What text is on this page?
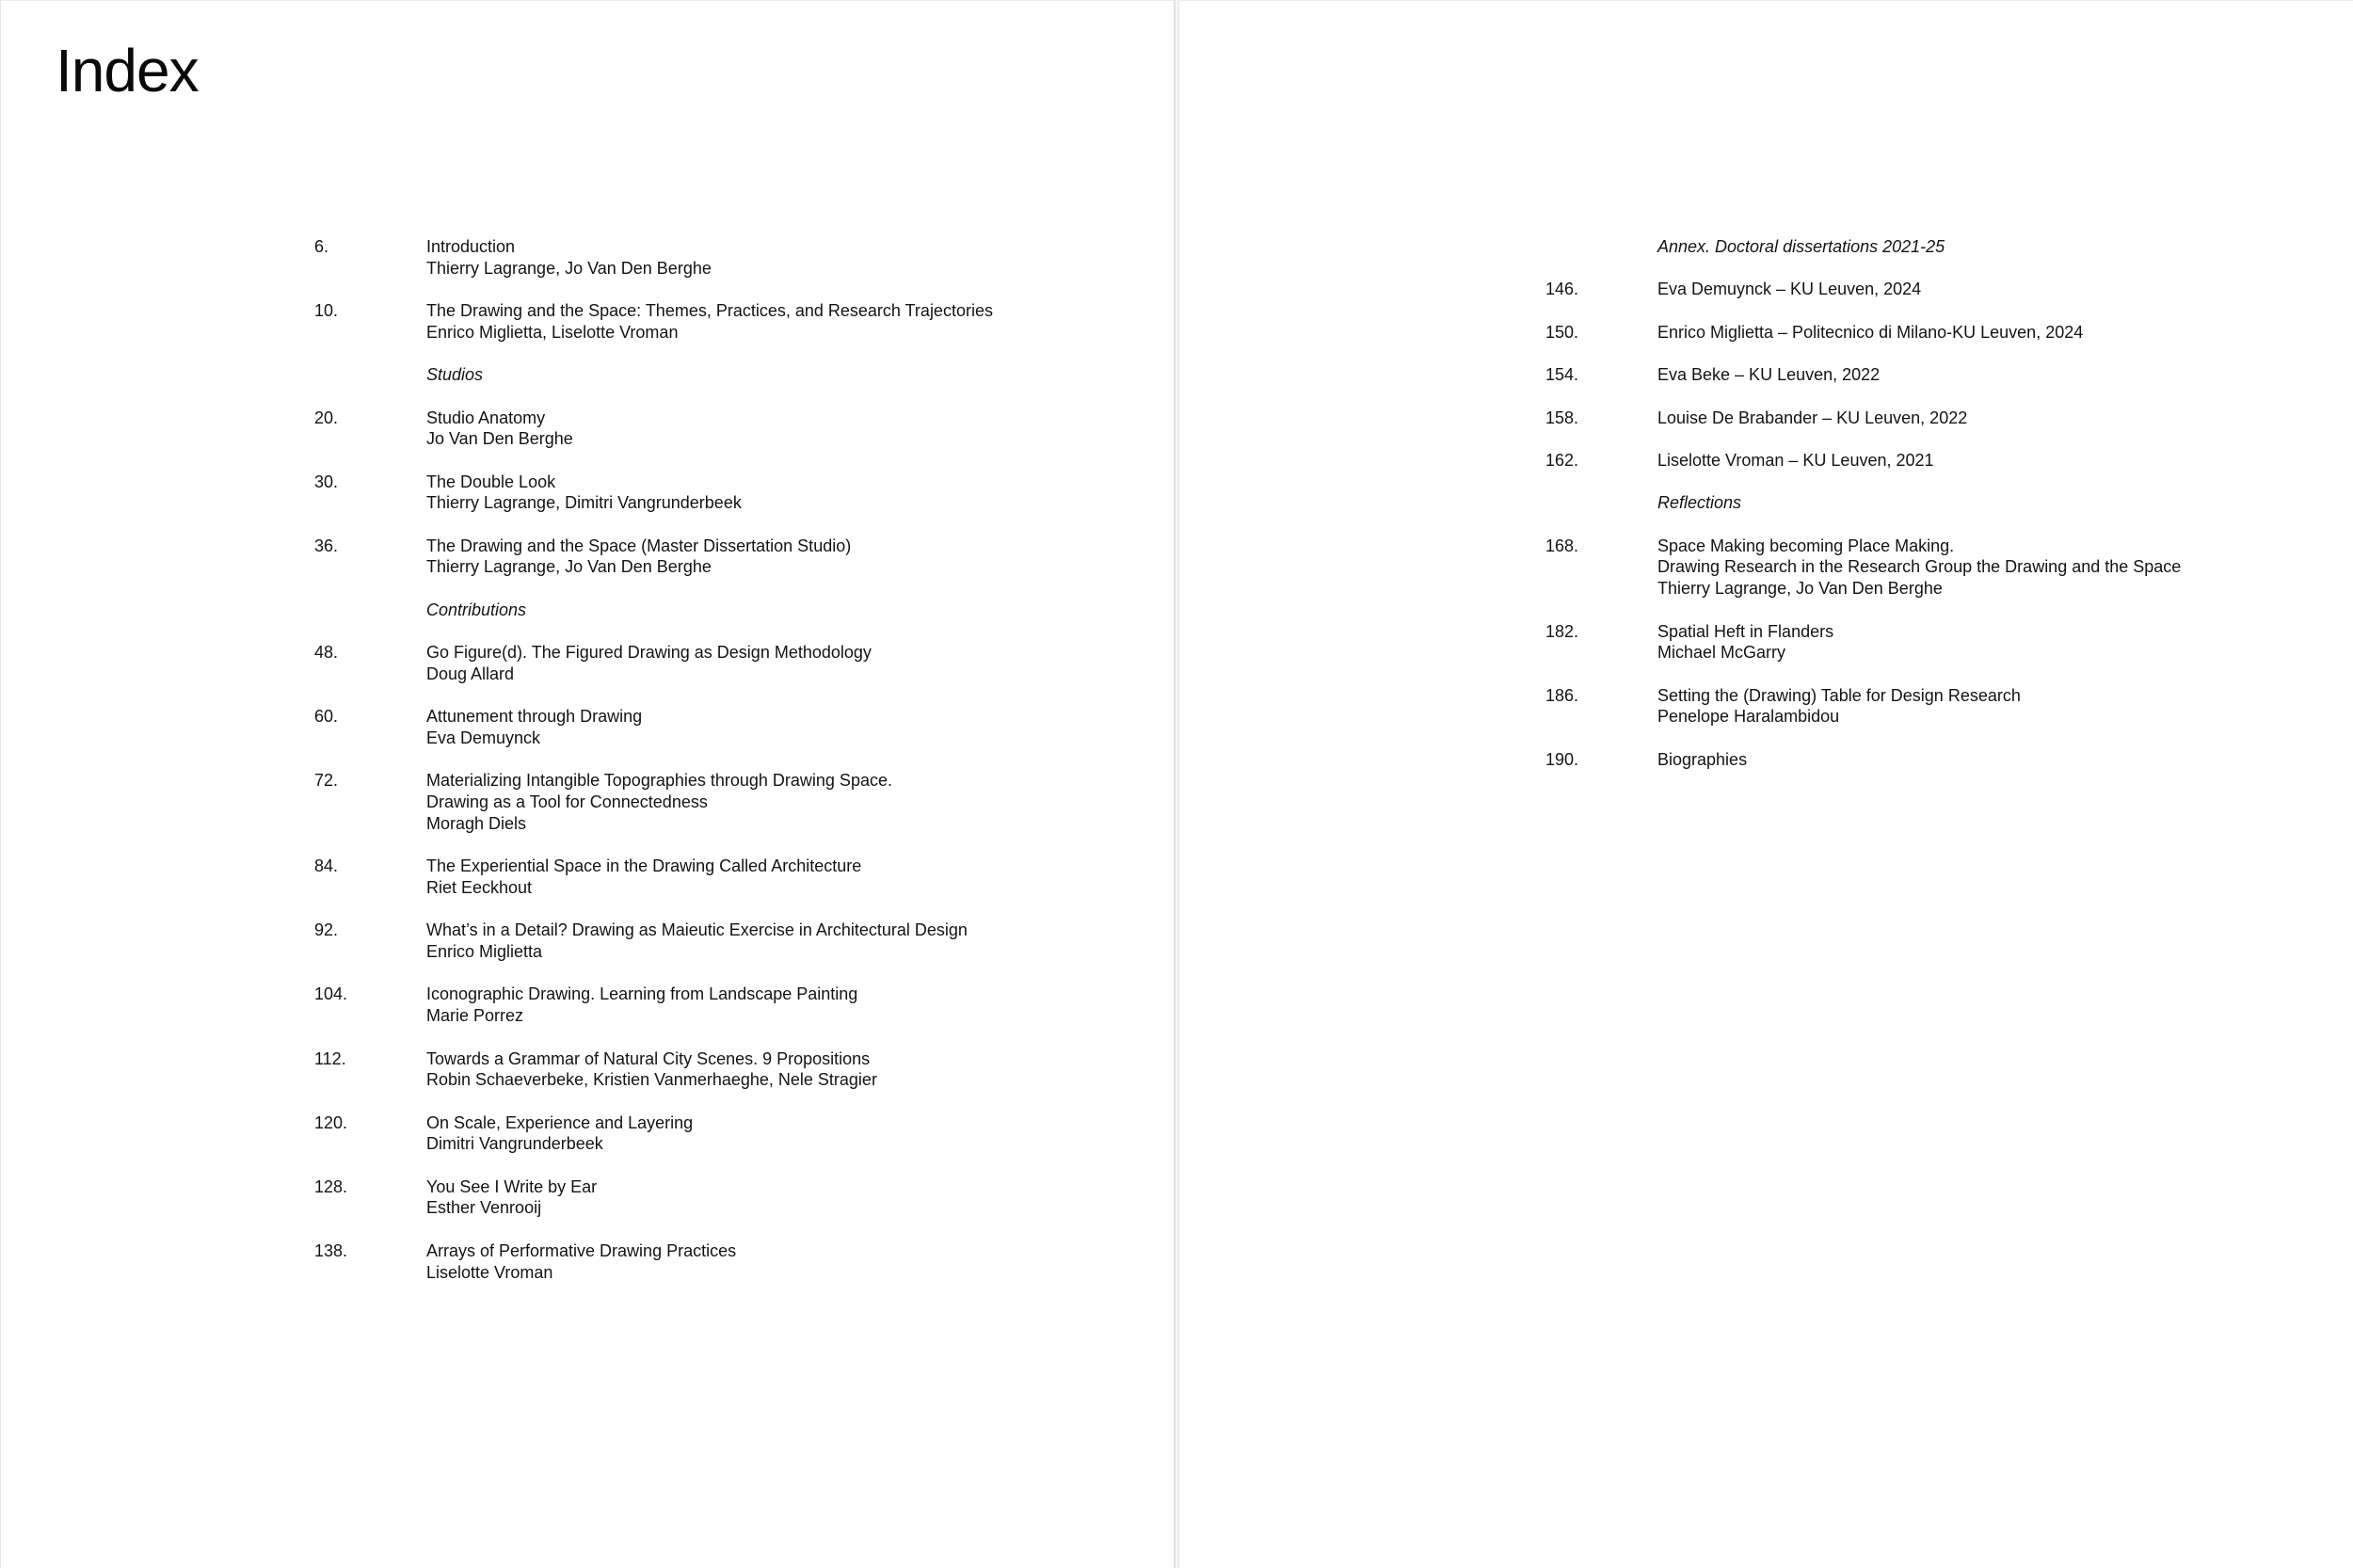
Index
6.	Introduction
Thierry Lagrange, Jo Van Den Berghe
10.	The Drawing and the Space: Themes, Practices, and Research Trajectories
Enrico Miglietta, Liselotte Vroman
Studios
20.	Studio Anatomy
Jo Van Den Berghe
30.	The Double Look
Thierry Lagrange, Dimitri Vangrunderbeek
36.	The Drawing and the Space (Master Dissertation Studio)
Thierry Lagrange, Jo Van Den Berghe
Contributions
48.	Go Figure(d). The Figured Drawing as Design Methodology
Doug Allard
60.	Attunement through Drawing
Eva Demuynck
72.	Materializing Intangible Topographies through Drawing Space.
Drawing as a Tool for Connectedness
Moragh Diels
84.	The Experiential Space in the Drawing Called Architecture
Riet Eeckhout
92.	What’s in a Detail? Drawing as Maieutic Exercise in Architectural Design
Enrico Miglietta
104.	Iconographic Drawing. Learning from Landscape Painting
Marie Porrez
112.	Towards a Grammar of Natural City Scenes. 9 Propositions
Robin Schaeverbeke, Kristien Vanmerhaeghe, Nele Stragier
120.	On Scale, Experience and Layering
Dimitri Vangrunderbeek
128.	You See I Write by Ear
Esther Venrooij
138.	Arrays of Performative Drawing Practices
Liselotte Vroman
Annex. Doctoral dissertations 2021-25
146.	Eva Demuynck – KU Leuven, 2024
150.	Enrico Miglietta – Politecnico di Milano-KU Leuven, 2024
154.	Eva Beke – KU Leuven, 2022
158.	Louise De Brabander – KU Leuven, 2022
162.	Liselotte Vroman – KU Leuven, 2021
Reflections
168.	Space Making becoming Place Making.
Drawing Research in the Research Group the Drawing and the Space
Thierry Lagrange, Jo Van Den Berghe
182.	Spatial Heft in Flanders
Michael McGarry
186.	Setting the (Drawing) Table for Design Research
Penelope Haralambidou
190.	Biographies
